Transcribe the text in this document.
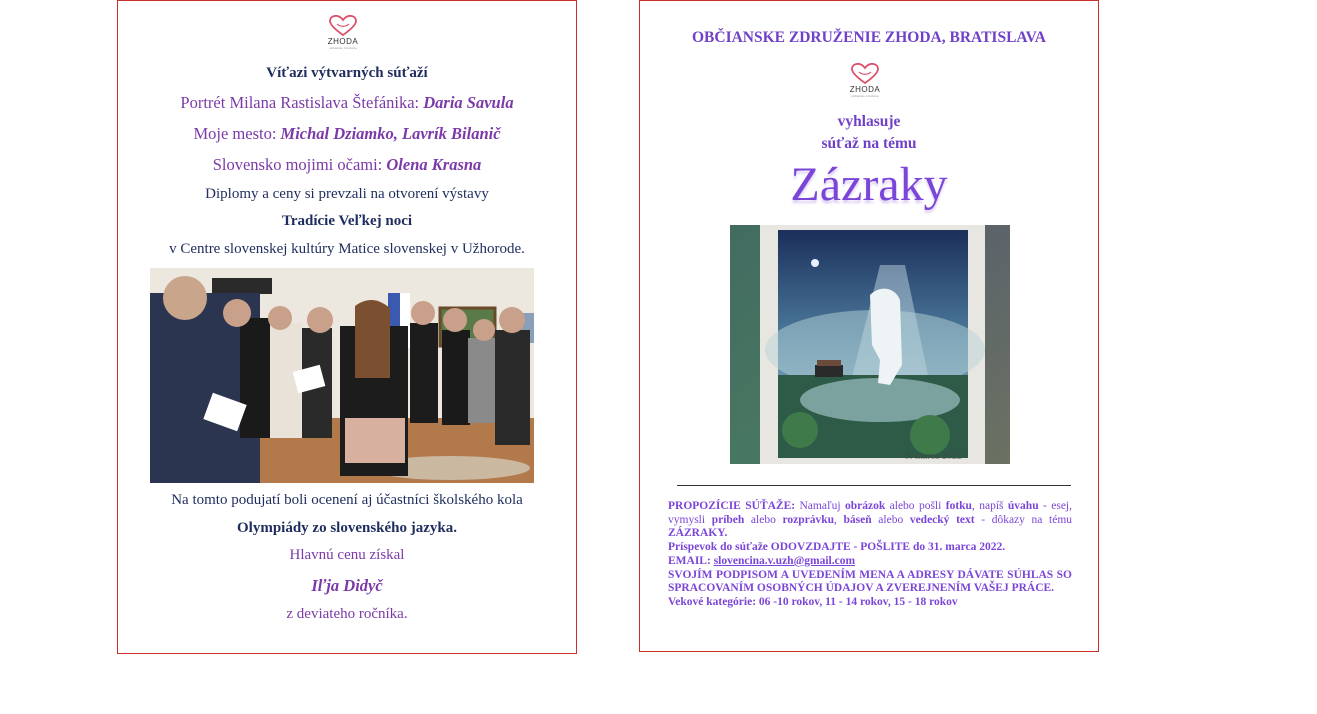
ZHODA
občianske združenie
Víťazi výtvarných súťaží
Portrét Milana Rastislava Štefánika: Daria Savula
Moje mesto: Michal Dziamko, Lavrík Bilanič
Slovensko mojimi očami: Olena Krasna
Diplomy a ceny si prevzali na otvorení výstavy
Tradície Veľkej noci
v Centre slovenskej kultúry Matice slovenskej v Užhorode.
Na tomto podujatí boli ocenení aj účastníci školského kola
Olympiády zo slovenského jazyka.
Hlavnú cenu získal
Iľja Didyč
z deviateho ročníka.
OBČIANSKE ZDRUŽENIE ZHODA, BRATISLAVA
ZHODA
občianske združenie
vyhlasuje
súťaž na tému
Zázraky
9. marca 2022

PROPOZÍCIE SÚŤAŽE: Namaľuj obrázok alebo pošli fotku, napíš úvahu - esej, vymysli príbeh alebo rozprávku, báseň alebo vedecký text - dôkazy na tému ZÁZRAKY.

Príspevok do súťaže ODOVZDAJTE - POŠLITE do 31. marca 2022.

EMAIL: slovencina.v.uzh@gmail.com

SVOJÍM PODPISOM A UVEDENÍM MENA A ADRESY DÁVATE SÚHLAS SO SPRACOVANÍM OSOBNÝCH ÚDAJOV A ZVEREJNENÍM VAŠEJ PRÁCE.

Vekové kategórie: 06 -10 rokov, 11 - 14 rokov, 15 - 18 rokov
